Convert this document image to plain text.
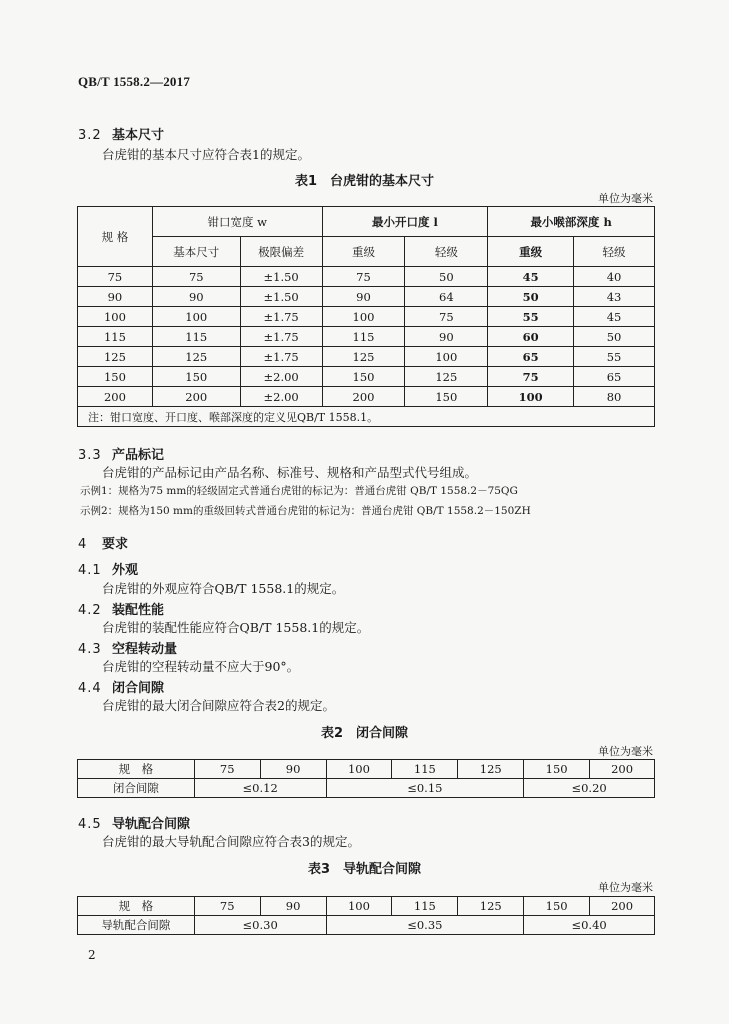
QB/T 1558.2—2017
3.2 基本尺寸
台虎钳的基本尺寸应符合表1的规定。
表1　台虎钳的基本尺寸
单位为毫米
规 格	钳口宽度 w		最小开口度 l		最小喉部深度 h	
	基本尺寸	极限偏差	重级	轻级	重级	轻级
75	75	±1.50	75	50	45	40
90	90	±1.50	90	64	50	43
100	100	±1.75	100	75	55	45
115	115	±1.75	115	90	60	50
125	125	±1.75	125	100	65	55
150	150	±2.00	150	125	75	65
200	200	±2.00	200	150	100	80
注：钳口宽度、开口度、喉部深度的定义见QB/T 1558.1。						
3.3 产品标记
台虎钳的产品标记由产品名称、标准号、规格和产品型式代号组成。
示例1：规格为75 mm的轻级固定式普通台虎钳的标记为：普通台虎钳 QB/T 1558.2－75QG
示例2：规格为150 mm的重级回转式普通台虎钳的标记为：普通台虎钳 QB/T 1558.2－150ZH
4 要求
4.1 外观
台虎钳的外观应符合QB/T 1558.1的规定。
4.2 装配性能
台虎钳的装配性能应符合QB/T 1558.1的规定。
4.3 空程转动量
台虎钳的空程转动量不应大于90°。
4.4 闭合间隙
台虎钳的最大闭合间隙应符合表2的规定。
表2　闭合间隙
单位为毫米
规　格	75	90	100	115	125	150	200
闭合间隙	≤0.12		≤0.15			≤0.20	
4.5 导轨配合间隙
台虎钳的最大导轨配合间隙应符合表3的规定。
表3　导轨配合间隙
单位为毫米
规　格	75	90	100	115	125	150	200
导轨配合间隙	≤0.30		≤0.35			≤0.40	
2
